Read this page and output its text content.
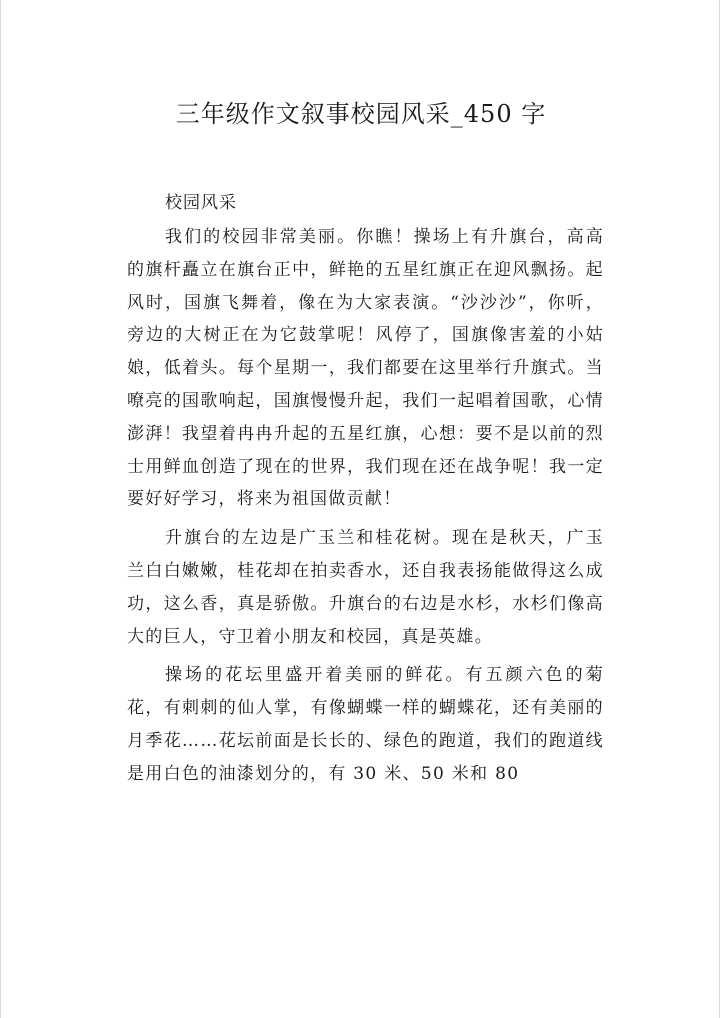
三年级作文叙事校园风采_450 字

校园风采

我们的校园非常美丽。你瞧！操场上有升旗台，高高的旗杆矗立在旗台正中，鲜艳的五星红旗正在迎风飘扬。起风时，国旗飞舞着，像在为大家表演。“沙沙沙”，你听，旁边的大树正在为它鼓掌呢！风停了，国旗像害羞的小姑娘，低着头。每个星期一，我们都要在这里举行升旗式。当嘹亮的国歌响起，国旗慢慢升起，我们一起唱着国歌，心情澎湃！我望着冉冉升起的五星红旗，心想：要不是以前的烈士用鲜血创造了现在的世界，我们现在还在战争呢！我一定要好好学习，将来为祖国做贡献！

升旗台的左边是广玉兰和桂花树。现在是秋天，广玉兰白白嫩嫩，桂花却在拍卖香水，还自我表扬能做得这么成功，这么香，真是骄傲。升旗台的右边是水杉，水杉们像高大的巨人，守卫着小朋友和校园，真是英雄。

操场的花坛里盛开着美丽的鲜花。有五颜六色的菊花，有刺刺的仙人掌，有像蝴蝶一样的蝴蝶花，还有美丽的月季花……花坛前面是长长的、绿色的跑道，我们的跑道线是用白色的油漆划分的，有 30 米、50 米和 80
